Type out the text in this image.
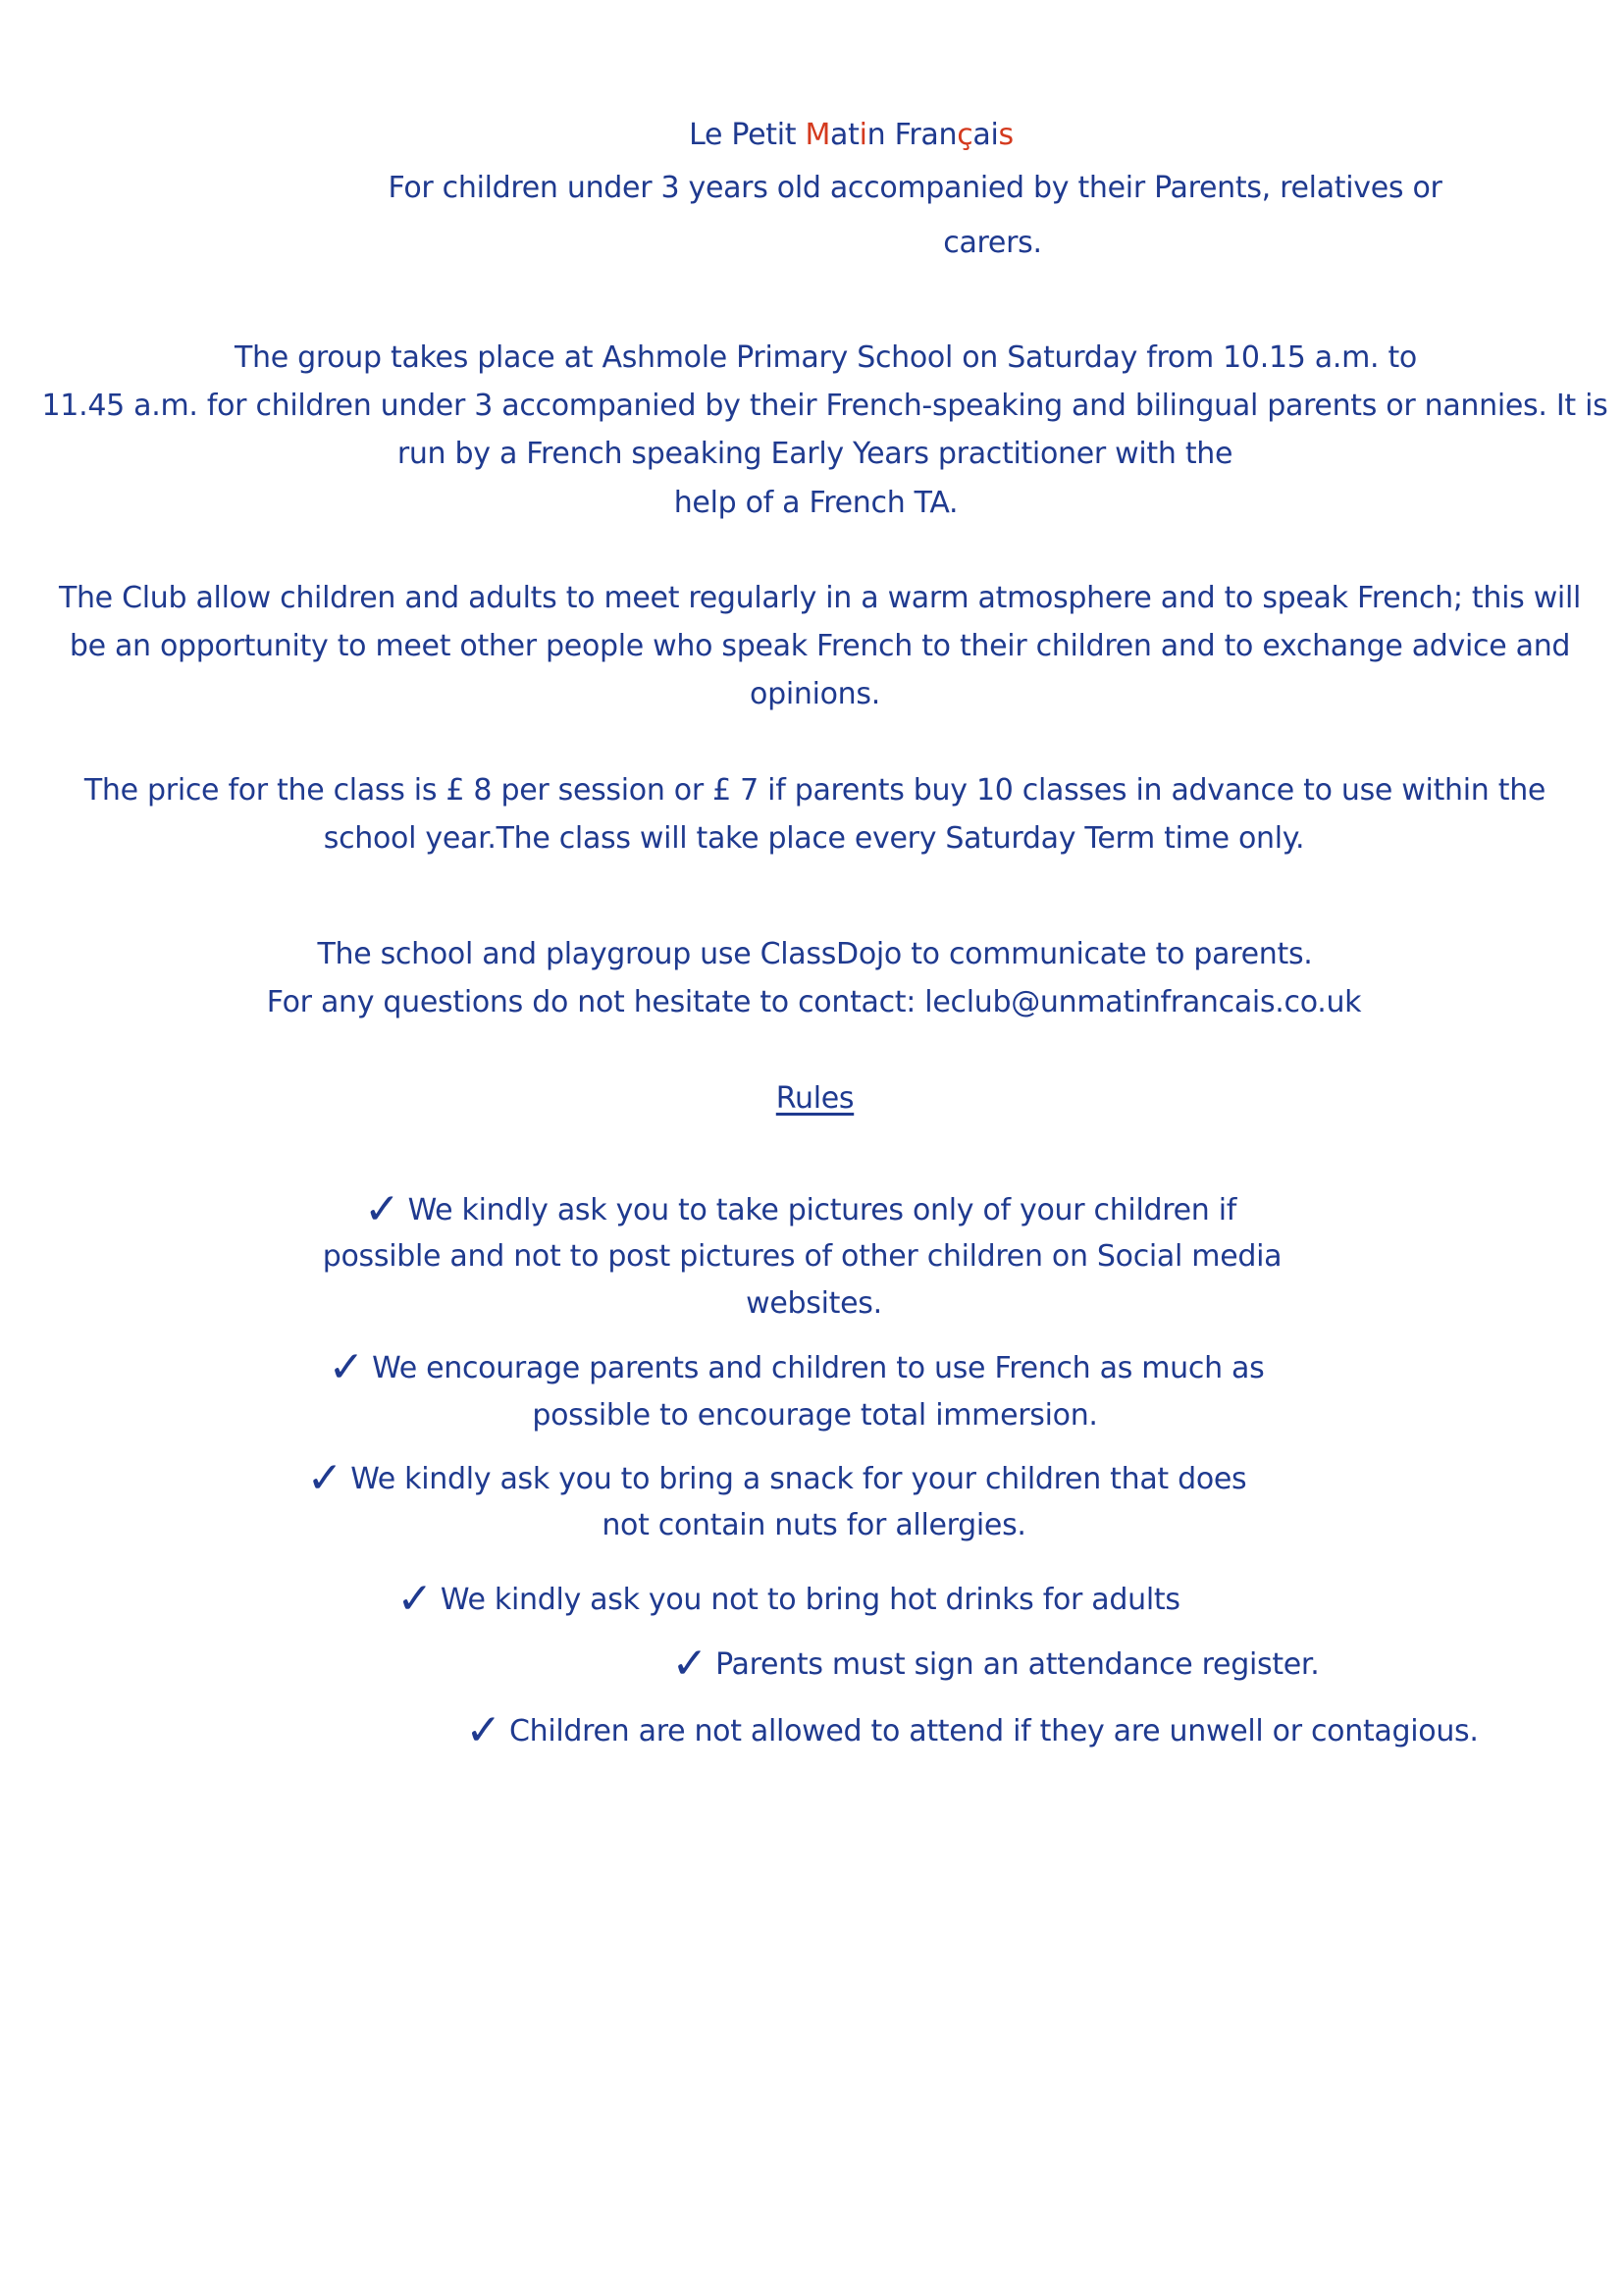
Le Petit Matin Français
For children under 3 years old accompanied by their Parents, relatives or
carers.
The group takes place at Ashmole Primary School on Saturday from 10.15 a.m. to
11.45 a.m. for children under 3 accompanied by their French-speaking and bilingual parents or nannies. It is
run by a French speaking Early Years practitioner with the
help of a French TA.
The Club allow children and adults to meet regularly in a warm atmosphere and to speak French; this will
be an opportunity to meet other people who speak French to their children and to exchange advice and
opinions.
The price for the class is £ 8 per session or £ 7 if parents buy 10 classes in advance to use within the
school year.The class will take place every Saturday Term time only.
The school and playgroup use ClassDojo to communicate to parents.
For any questions do not hesitate to contact: leclub@unmatinfrancais.co.uk
Rules
✓ We kindly ask you to take pictures only of your children if
possible and not to post pictures of other children on Social media
websites.
✓ We encourage parents and children to use French as much as
possible to encourage total immersion.
✓ We kindly ask you to bring a snack for your children that does
not contain nuts for allergies.
✓ We kindly ask you not to bring hot drinks for adults
✓ Parents must sign an attendance register.
✓ Children are not allowed to attend if they are unwell or contagious.
